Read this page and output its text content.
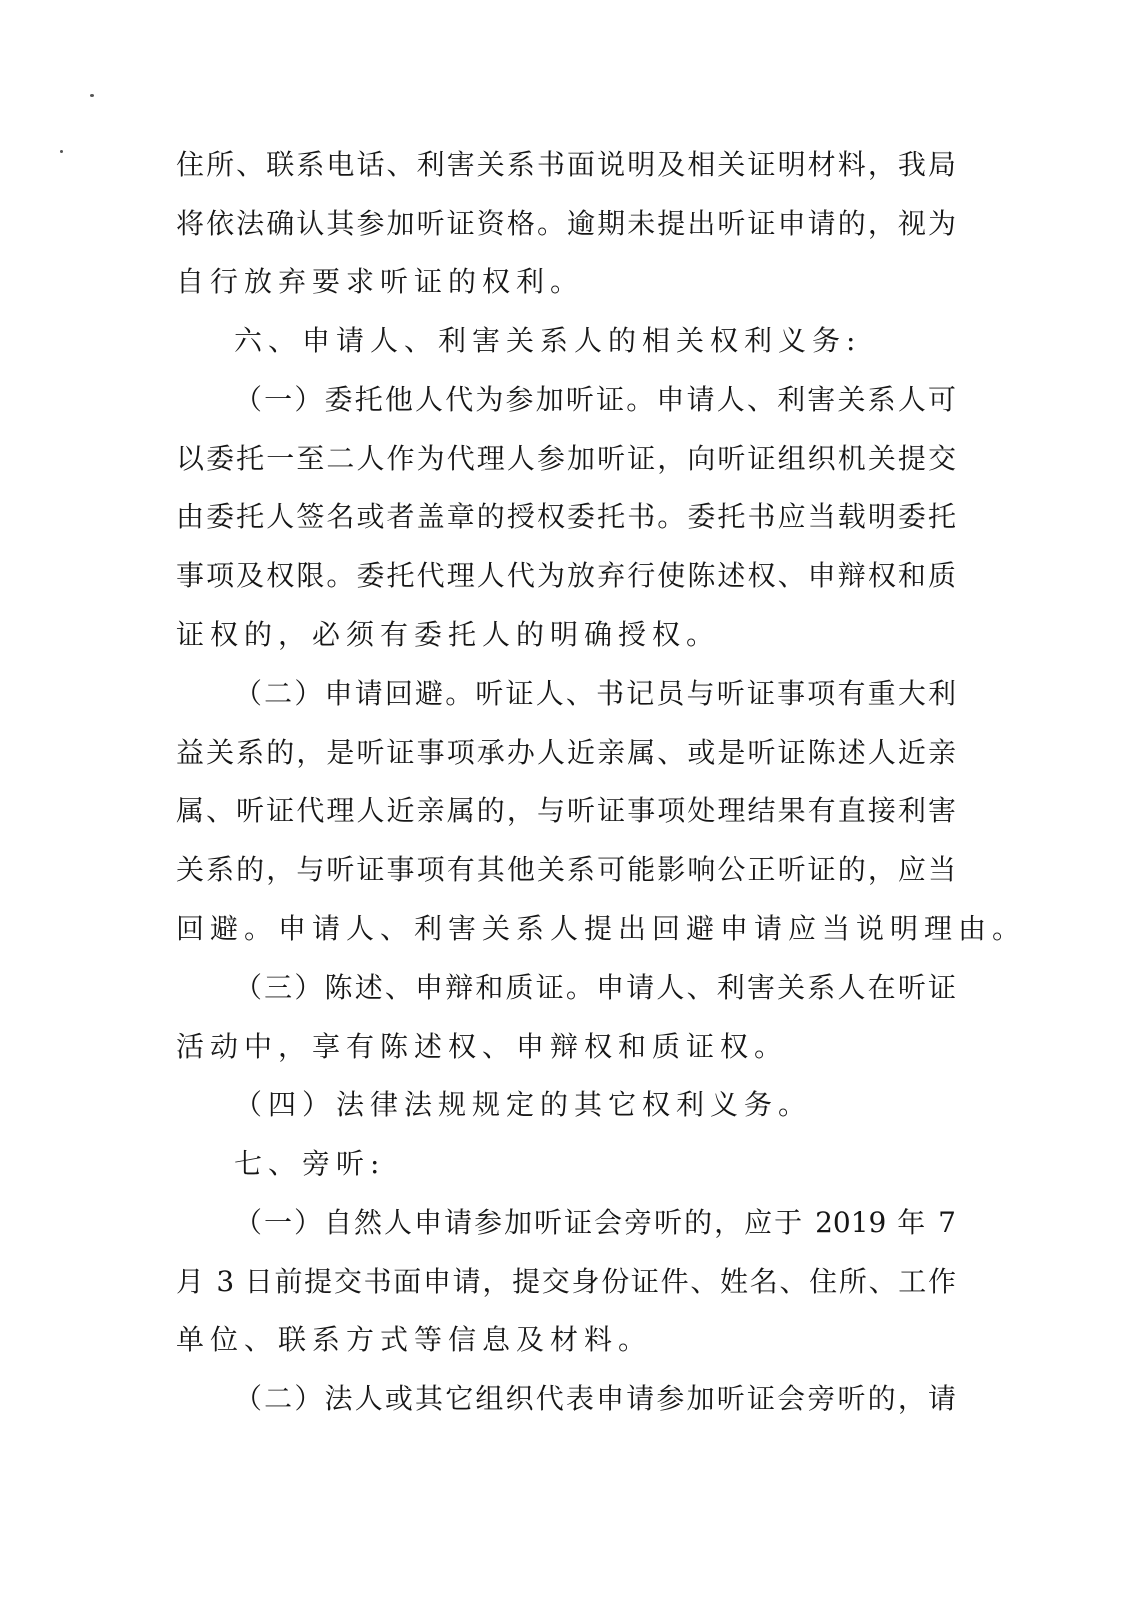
住所、联系电话、利害关系书面说明及相关证明材料，我局
将依法确认其参加听证资格。逾期未提出听证申请的，视为
自行放弃要求听证的权利。
六、申请人、利害关系人的相关权利义务:
（一）委托他人代为参加听证。申请人、利害关系人可
以委托一至二人作为代理人参加听证，向听证组织机关提交
由委托人签名或者盖章的授权委托书。委托书应当载明委托
事项及权限。委托代理人代为放弃行使陈述权、申辩权和质
证权的，必须有委托人的明确授权。
（二）申请回避。听证人、书记员与听证事项有重大利
益关系的，是听证事项承办人近亲属、或是听证陈述人近亲
属、听证代理人近亲属的，与听证事项处理结果有直接利害
关系的，与听证事项有其他关系可能影响公正听证的，应当
回避。申请人、利害关系人提出回避申请应当说明理由。
（三）陈述、申辩和质证。申请人、利害关系人在听证
活动中，享有陈述权、申辩权和质证权。
（四）法律法规规定的其它权利义务。
七、旁听:
（一）自然人申请参加听证会旁听的，应于 2019 年 7
月 3 日前提交书面申请，提交身份证件、姓名、住所、工作
单位、联系方式等信息及材料。
（二）法人或其它组织代表申请参加听证会旁听的，请
